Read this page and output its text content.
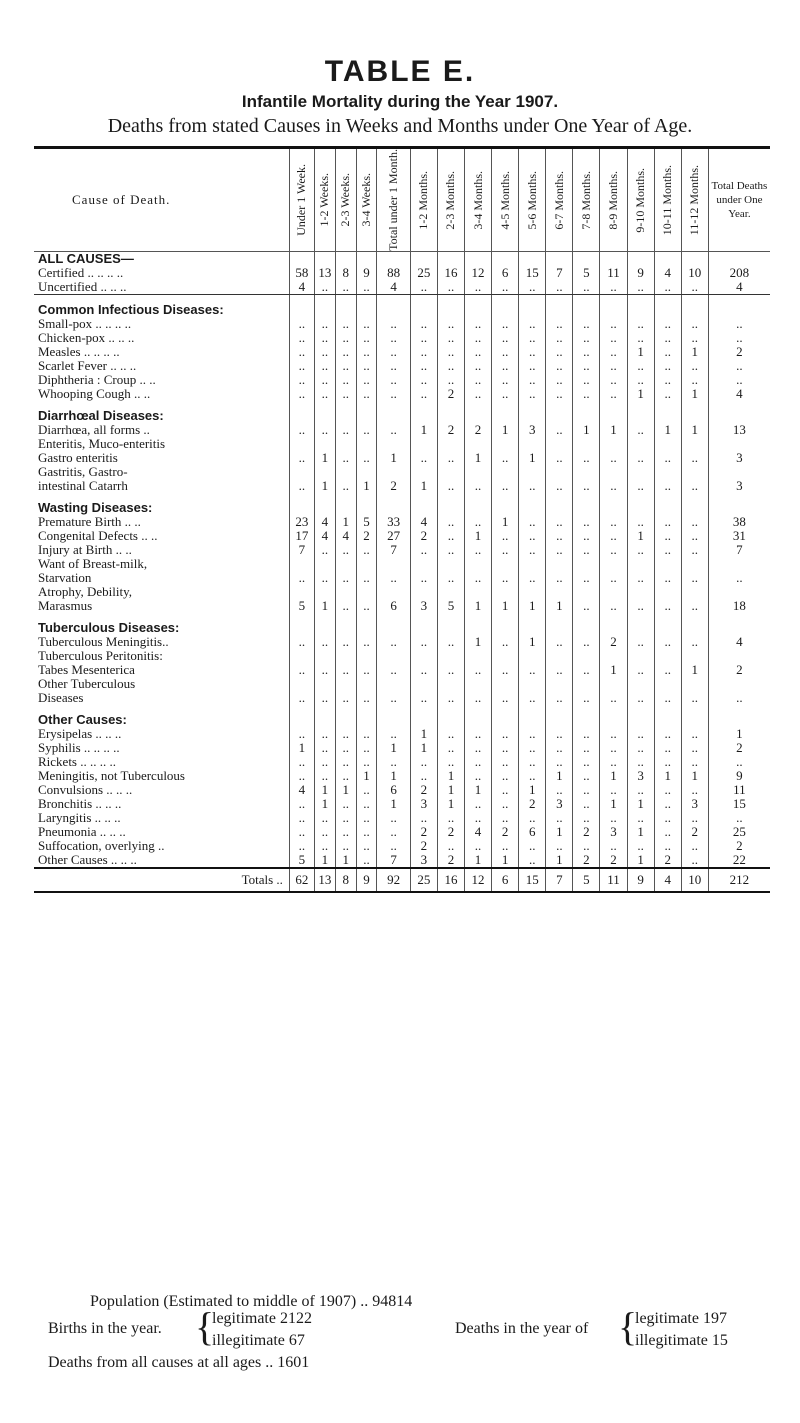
TABLE E.
Infantile Mortality during the Year 1907.
Deaths from stated Causes in Weeks and Months under One Year of Age.
Cause of Death.	Under 1 Week.	1-2 Weeks.	2-3 Weeks.	3-4 Weeks.	Total under 1 Month.	1-2 Months.	2-3 Months.	3-4 Months.	4-5 Months.	5-6 Months.	6-7 Months.	7-8 Months.	8-9 Months.	9-10 Months.	10-11 Months.	11-12 Months.	Total Deaths under One Year.
ALL CAUSES—																	
Certified .. .. .. ..	58	13	8	9	88	25	16	12	6	15	7	5	11	9	4	10	208
Uncertified .. .. ..	4	..	..	..	4	..	..	..	..	..	..	..	..	..	..	..	4

Common Infectious Diseases:																	
Small-pox .. .. .. ..	..	..	..	..	..	..	..	..	..	..	..	..	..	..	..	..	..
Chicken-pox .. .. ..	..	..	..	..	..	..	..	..	..	..	..	..	..	..	..	..	..
Measles .. .. .. ..	..	..	..	..	..	..	..	..	..	..	..	..	..	1	..	1	2
Scarlet Fever .. .. ..	..	..	..	..	..	..	..	..	..	..	..	..	..	..	..	..	..
Diphtheria : Croup .. ..	..	..	..	..	..	..	..	..	..	..	..	..	..	..	..	..	..
Whooping Cough .. ..	..	..	..	..	..	..	2	..	..	..	..	..	..	1	..	1	4

Diarrhœal Diseases:																	
Diarrhœa, all forms ..	..	..	..	..	..	1	2	2	1	3	..	1	1	..	1	1	13
Enteritis, Muco-enteritis																	
Gastro enteritis	..	1	..	..	1	..	..	1	..	1	..	..	..	..	..	..	3
Gastritis, Gastro-																	
intestinal Catarrh	..	1	..	1	2	1	..	..	..	..	..	..	..	..	..	..	3

Wasting Diseases:																	
Premature Birth .. ..	23	4	1	5	33	4	..	..	1	..	..	..	..	..	..	..	38
Congenital Defects .. ..	17	4	4	2	27	2	..	1	..	..	..	..	..	1	..	..	31
Injury at Birth .. ..	7	..	..	..	7	..	..	..	..	..	..	..	..	..	..	..	7
Want of Breast-milk,																	
Starvation	..	..	..	..	..	..	..	..	..	..	..	..	..	..	..	..	..
Atrophy, Debility,																	
Marasmus	5	1	..	..	6	3	5	1	1	1	1	..	..	..	..	..	18

Tuberculous Diseases:																	
Tuberculous Meningitis..	..	..	..	..	..	..	..	1	..	1	..	..	2	..	..	..	4
Tuberculous Peritonitis:																	
Tabes Mesenterica	..	..	..	..	..	..	..	..	..	..	..	..	1	..	..	1	2
Other Tuberculous																	
Diseases	..	..	..	..	..	..	..	..	..	..	..	..	..	..	..	..	..

Other Causes:																	
Erysipelas .. .. ..	..	..	..	..	..	1	..	..	..	..	..	..	..	..	..	..	1
Syphilis .. .. .. ..	1	..	..	..	1	1	..	..	..	..	..	..	..	..	..	..	2
Rickets .. .. .. ..	..	..	..	..	..	..	..	..	..	..	..	..	..	..	..	..	..
Meningitis, not Tuberculous	..	..	..	1	1	..	1	..	..	..	1	..	1	3	1	1	9
Convulsions .. .. ..	4	1	1	..	6	2	1	1	..	1	..	..	..	..	..	..	11
Bronchitis .. .. ..	..	1	..	..	1	3	1	..	..	2	3	..	1	1	..	3	15
Laryngitis .. .. ..	..	..	..	..	..	..	..	..	..	..	..	..	..	..	..	..	..
Pneumonia .. .. ..	..	..	..	..	..	2	2	4	2	6	1	2	3	1	..	2	25
Suffocation, overlying ..	..	..	..	..	..	2	..	..	..	..	..	..	..	..	..	..	2
Other Causes .. .. ..	5	1	1	..	7	3	2	1	1	..	1	2	2	1	2	..	22
Totals ..	62	13	8	9	92	25	16	12	6	15	7	5	11	9	4	10	212
Population (Estimated to middle of 1907) .. 94814
Births in the year. {
legitimate 2122
illegitimate 67
Deaths in the year of {
legitimate 197
illegitimate 15
Deaths from all causes at all ages .. 1601
